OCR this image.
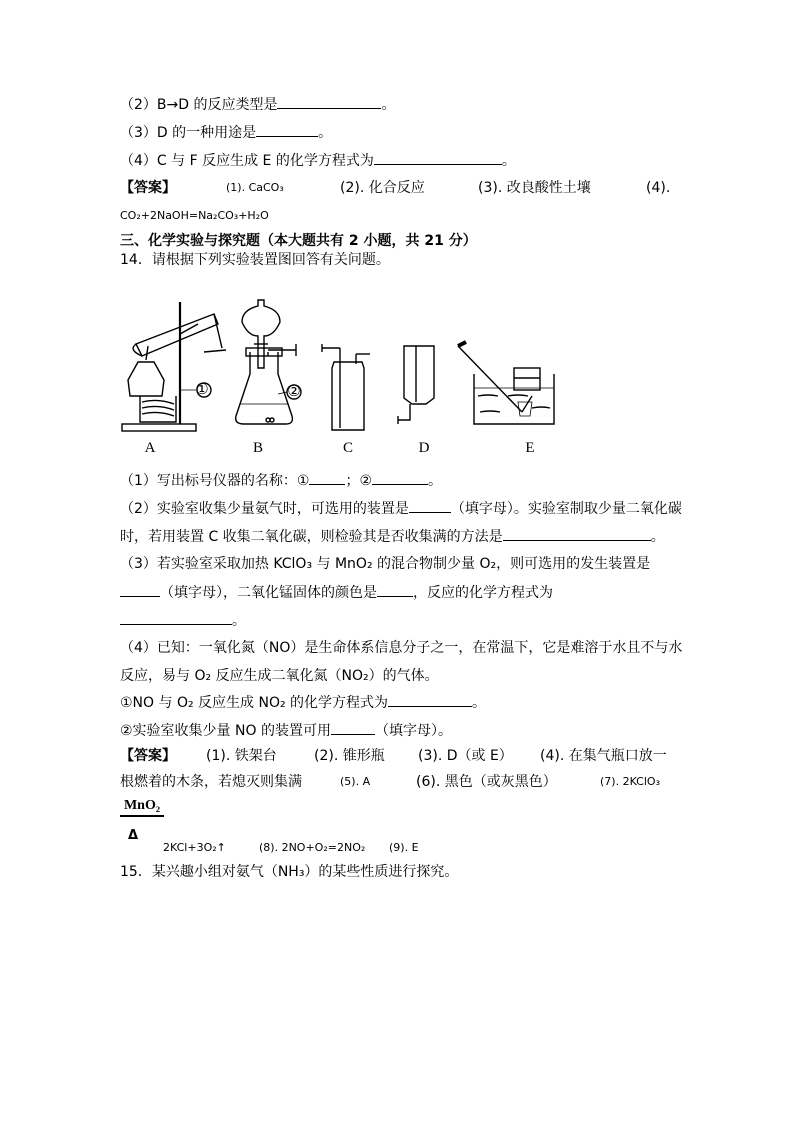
（2）B→D 的反应类型是	。
（3）D 的一种用途是	。
（4）C 与 F 反应生成 E 的化学方程式为	。
【答案】	(1). CaCO₃	(2). 化合反应	(3). 改良酸性土壤	(4).
CO₂+2NaOH=Na₂CO₃+H₂O
三、化学实验与探究题（本大题共有 2 小题，共 21 分）
14．请根据下列实验装置图回答有关问题。
①	②
A	B	C	D	E
（1）写出标号仪器的名称：①	；②	。
（2）实验室收集少量氨气时，可选用的装置是	（填字母）。实验室制取少量二氧化碳
时，若用装置 C 收集二氧化碳，则检验其是否收集满的方法是	。
（3）若实验室采取加热 KClO₃ 与 MnO₂ 的混合物制少量 O₂，则可选用的发生装置是
（填字母），二氧化锰固体的颜色是	，反应的化学方程式为
。
（4）已知：一氧化氮（NO）是生命体系信息分子之一，在常温下，它是难溶于水且不与水
反应，易与 O₂ 反应生成二氧化氮（NO₂）的气体。
①NO 与 O₂ 反应生成 NO₂ 的化学方程式为	。
②实验室收集少量 NO 的装置可用	（填字母）。
【答案】 (1). 铁架台	(2). 锥形瓶 (3). D（或 E） (4). 在集气瓶口放一
根燃着的木条，若熄灭则集满	(5). A	(6). 黑色（或灰黑色）	(7). 2KClO₃
MnO₂
Δ
2KCl+3O₂↑	(8). 2NO+O₂=2NO₂ (9). E
15．某兴趣小组对氨气（NH₃）的某些性质进行探究。
